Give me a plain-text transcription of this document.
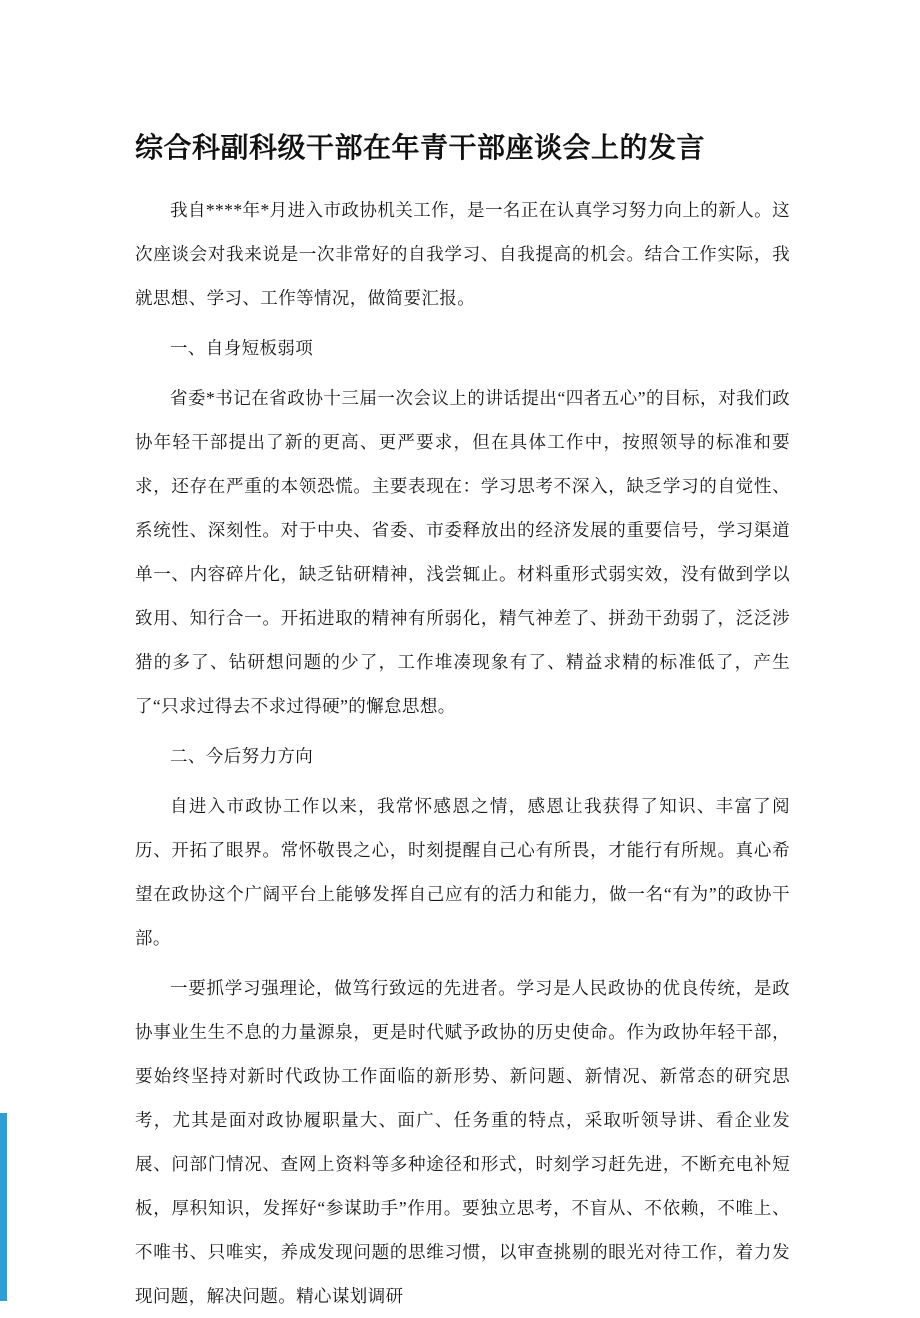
综合科副科级干部在年青干部座谈会上的发言

我自****年*月进入市政协机关工作，是一名正在认真学习努力向上的新人。这次座谈会对我来说是一次非常好的自我学习、自我提高的机会。结合工作实际，我就思想、学习、工作等情况，做简要汇报。

一、自身短板弱项

省委*书记在省政协十三届一次会议上的讲话提出“四者五心”的目标，对我们政协年轻干部提出了新的更高、更严要求，但在具体工作中，按照领导的标准和要求，还存在严重的本领恐慌。主要表现在：学习思考不深入，缺乏学习的自觉性、系统性、深刻性。对于中央、省委、市委释放出的经济发展的重要信号，学习渠道单一、内容碎片化，缺乏钻研精神，浅尝辄止。材料重形式弱实效，没有做到学以致用、知行合一。开拓进取的精神有所弱化，精气神差了、拼劲干劲弱了，泛泛涉猎的多了、钻研想问题的少了，工作堆凑现象有了、精益求精的标准低了，产生了“只求过得去不求过得硬”的懈怠思想。

二、今后努力方向

自进入市政协工作以来，我常怀感恩之情，感恩让我获得了知识、丰富了阅历、开拓了眼界。常怀敬畏之心，时刻提醒自己心有所畏，才能行有所规。真心希望在政协这个广阔平台上能够发挥自己应有的活力和能力，做一名“有为”的政协干部。

一要抓学习强理论，做笃行致远的先进者。学习是人民政协的优良传统，是政协事业生生不息的力量源泉，更是时代赋予政协的历史使命。作为政协年轻干部，要始终坚持对新时代政协工作面临的新形势、新问题、新情况、新常态的研究思考，尤其是面对政协履职量大、面广、任务重的特点，采取听领导讲、看企业发展、问部门情况、查网上资料等多种途径和形式，时刻学习赶先进，不断充电补短板，厚积知识，发挥好“参谋助手”作用。要独立思考，不盲从、不依赖，不唯上、不唯书、只唯实，养成发现问题的思维习惯，以审查挑剔的眼光对待工作，着力发现问题，解决问题。精心谋划调研
